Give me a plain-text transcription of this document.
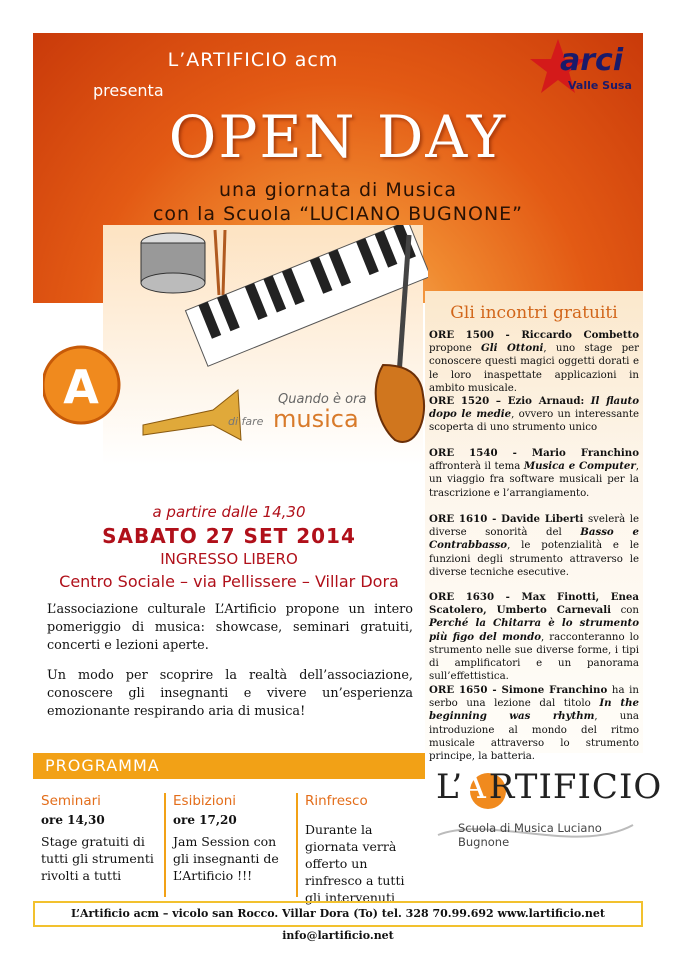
L’ARTIFICIO acm
presenta
OPEN DAY
una giornata di Musica
con la Scuola “LUCIANO BUGNONE”
arci
Valle Susa
Gli incontri gratuiti
ORE 1500 - Riccardo Combetto propone Gli Ottoni, uno stage per conoscere questi magici oggetti dorati e le loro inaspettate applicazioni in ambito musicale.
ORE 1520 – Ezio Arnaud: Il flauto dopo le medie, ovvero un interessante scoperta di uno strumento unico
ORE 1540 - Mario Franchino affronterà il tema Musica e Computer, un viaggio fra software musicali per la trascrizione e l’arrangiamento.
ORE 1610 - Davide Liberti svelerà le diverse sonorità del Basso e Contrabbasso, le potenzialità e le funzioni degli strumento attraverso le diverse tecniche esecutive.
ORE 1630 - Max Finotti, Enea Scatolero, Umberto Carnevali con Perché la Chitarra è lo strumento più figo del mondo, racconteranno lo strumento nelle sue diverse forme, i tipi di amplificatori e un panorama sull’effettistica.
ORE 1650 - Simone Franchino ha in serbo una lezione dal titolo In the beginning was rhythm, una introduzione al mondo del ritmo musicale attraverso lo strumento principe, la batteria.
A	Quando è ora
di fare musica
a partire dalle 14,30
SABATO 27 SET 2014
INGRESSO LIBERO
Centro Sociale – via Pellissere – Villar Dora
L’associazione culturale L’Artificio propone un intero pomeriggio di musica: showcase, seminari gratuiti, concerti e lezioni aperte.
Un modo per scoprire la realtà dell’associazione, conoscere gli insegnanti e vivere un’esperienza emozionante respirando aria di musica!
PROGRAMMA
Seminari
ore 14,30
Stage gratuiti di tutti gli strumenti rivolti a tutti
Esibizioni
ore 17,20
Jam Session con gli insegnanti de L’Artificio !!!
Rinfresco
Durante la giornata verrà offerto un rinfresco a tutti gli intervenuti
L’ARTIFICIO
Scuola di Musica Luciano Bugnone
L’Artificio acm – vicolo san Rocco. Villar Dora (To) tel. 328 70.99.692 www.lartificio.net info@lartificio.net
